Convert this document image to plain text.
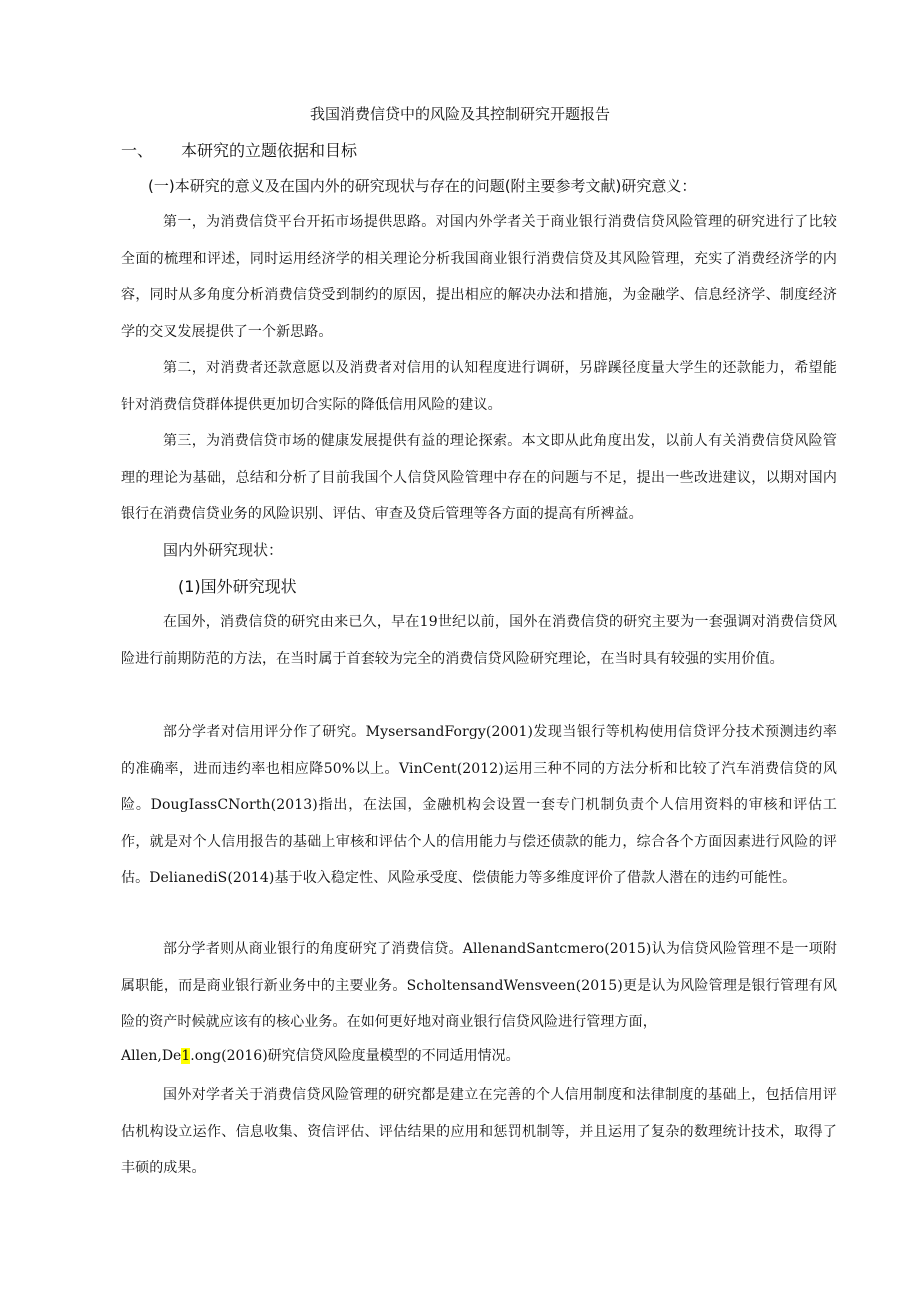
我国消费信贷中的风险及其控制研究开题报告
一、 本研究的立题依据和目标
(一)本研究的意义及在国内外的研究现状与存在的问题(附主要参考文献)研究意义：
第一，为消费信贷平台开拓市场提供思路。对国内外学者关于商业银行消费信贷风险管理的研究进行了比较全面的梳理和评述，同时运用经济学的相关理论分析我国商业银行消费信贷及其风险管理，充实了消费经济学的内容，同时从多角度分析消费信贷受到制约的原因，提出相应的解决办法和措施，为金融学、信息经济学、制度经济学的交叉发展提供了一个新思路。
第二，对消费者还款意愿以及消费者对信用的认知程度进行调研，另辟蹊径度量大学生的还款能力，希望能针对消费信贷群体提供更加切合实际的降低信用风险的建议。
第三，为消费信贷市场的健康发展提供有益的理论探索。本文即从此角度出发，以前人有关消费信贷风险管理的理论为基础，总结和分析了目前我国个人信贷风险管理中存在的问题与不足，提出一些改进建议，以期对国内银行在消费信贷业务的风险识别、评估、审查及贷后管理等各方面的提高有所裨益。
国内外研究现状：
(1)国外研究现状
在国外，消费信贷的研究由来已久，早在19世纪以前，国外在消费信贷的研究主要为一套强调对消费信贷风险进行前期防范的方法，在当时属于首套较为完全的消费信贷风险研究理论，在当时具有较强的实用价值。
部分学者对信用评分作了研究。MysersandForgy(2001)发现当银行等机构使用信贷评分技术预测违约率的准确率，进而违约率也相应降50%以上。VinCent(2012)运用三种不同的方法分析和比较了汽车消费信贷的风险。DougIassCNorth(2013)指出，在法国，金融机构会设置一套专门机制负责个人信用资料的审核和评估工作，就是对个人信用报告的基础上审核和评估个人的信用能力与偿还债款的能力，综合各个方面因素进行风险的评估。DelianediS(2014)基于收入稳定性、风险承受度、偿债能力等多维度评价了借款人潜在的违约可能性。
部分学者则从商业银行的角度研究了消费信贷。AllenandSantcmero(2015)认为信贷风险管理不是一项附属职能，而是商业银行新业务中的主要业务。ScholtensandWensveen(2015)更是认为风险管理是银行管理有风险的资产时候就应该有的核心业务。在如何更好地对商业银行信贷风险进行管理方面，
Allen,De1.ong(2016)研究信贷风险度量模型的不同适用情况。
国外对学者关于消费信贷风险管理的研究都是建立在完善的个人信用制度和法律制度的基础上，包括信用评估机构设立运作、信息收集、资信评估、评估结果的应用和惩罚机制等，并且运用了复杂的数理统计技术，取得了丰硕的成果。
